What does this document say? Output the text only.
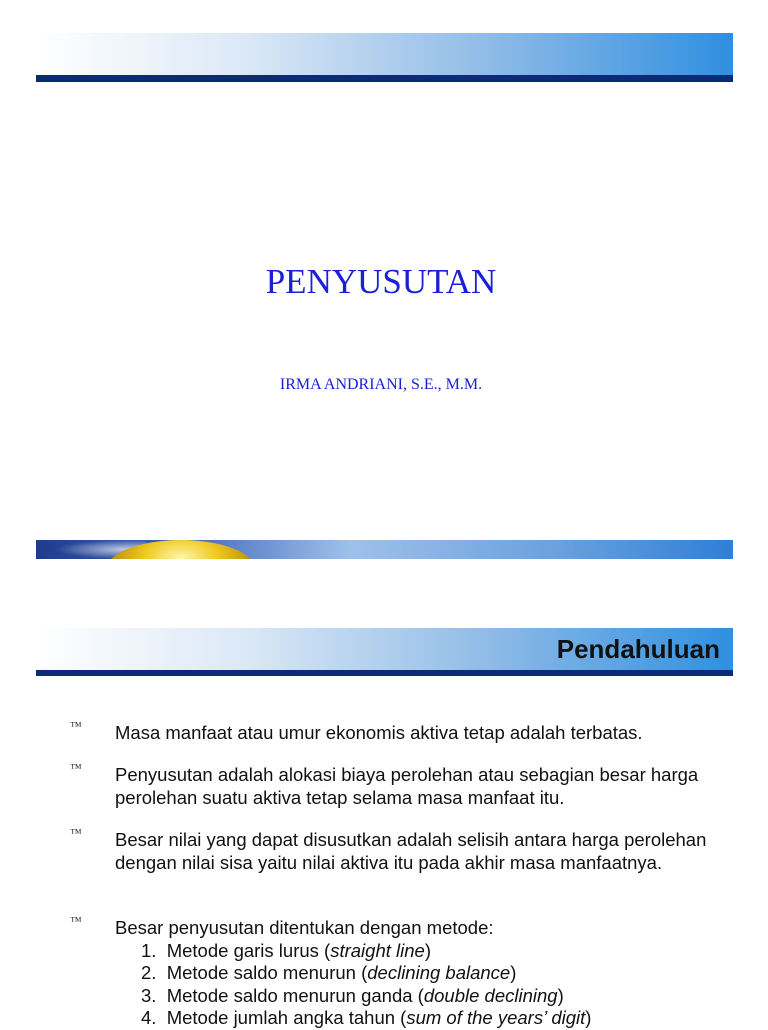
PENYUSUTAN
IRMA ANDRIANI, S.E., M.M.
Pendahuluan
™ Masa manfaat atau umur ekonomis aktiva tetap adalah terbatas.
™ Penyusutan adalah alokasi biaya perolehan atau sebagian besar harga perolehan suatu aktiva tetap selama masa manfaat itu.
™ Besar nilai yang dapat disusutkan adalah selisih antara harga perolehan dengan nilai sisa yaitu nilai aktiva itu pada akhir masa manfaatnya.
™ Besar penyusutan ditentukan dengan metode:
1. Metode garis lurus (straight line)
2. Metode saldo menurun (declining balance)
3. Metode saldo menurun ganda (double declining)
4. Metode jumlah angka tahun (sum of the years’ digit)
